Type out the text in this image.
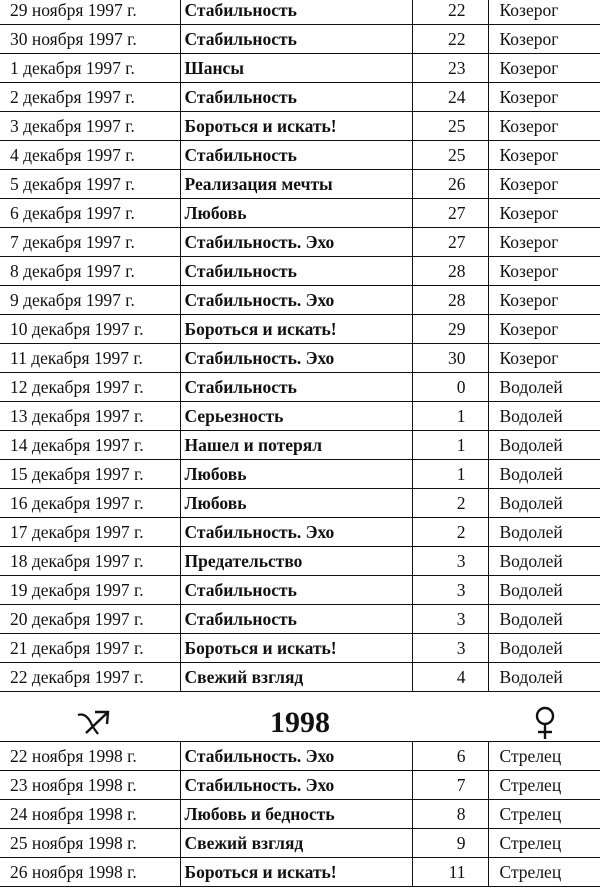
29 ноября 1997 г.	Стабильность	22	Козерог
30 ноября 1997 г.	Стабильность	22	Козерог
1 декабря 1997 г.	Шансы	23	Козерог
2 декабря 1997 г.	Стабильность	24	Козерог
3 декабря 1997 г.	Бороться и искать!	25	Козерог
4 декабря 1997 г.	Стабильность	25	Козерог
5 декабря 1997 г.	Реализация мечты	26	Козерог
6 декабря 1997 г.	Любовь	27	Козерог
7 декабря 1997 г.	Стабильность. Эхо	27	Козерог
8 декабря 1997 г.	Стабильность	28	Козерог
9 декабря 1997 г.	Стабильность. Эхо	28	Козерог
10 декабря 1997 г.	Бороться и искать!	29	Козерог
11 декабря 1997 г.	Стабильность. Эхо	30	Козерог
12 декабря 1997 г.	Стабильность	0	Водолей
13 декабря 1997 г.	Серьезность	1	Водолей
14 декабря 1997 г.	Нашел и потерял	1	Водолей
15 декабря 1997 г.	Любовь	1	Водолей
16 декабря 1997 г.	Любовь	2	Водолей
17 декабря 1997 г.	Стабильность. Эхо	2	Водолей
18 декабря 1997 г.	Предательство	3	Водолей
19 декабря 1997 г.	Стабильность	3	Водолей
20 декабря 1997 г.	Стабильность	3	Водолей
21 декабря 1997 г.	Бороться и искать!	3	Водолей
22 декабря 1997 г.	Свежий взгляд	4	Водолей
1998
22 ноября 1998 г.	Стабильность. Эхо	6	Стрелец
23 ноября 1998 г.	Стабильность. Эхо	7	Стрелец
24 ноября 1998 г.	Любовь и бедность	8	Стрелец
25 ноября 1998 г.	Свежий взгляд	9	Стрелец
26 ноября 1998 г.	Бороться и искать!	11	Стрелец
